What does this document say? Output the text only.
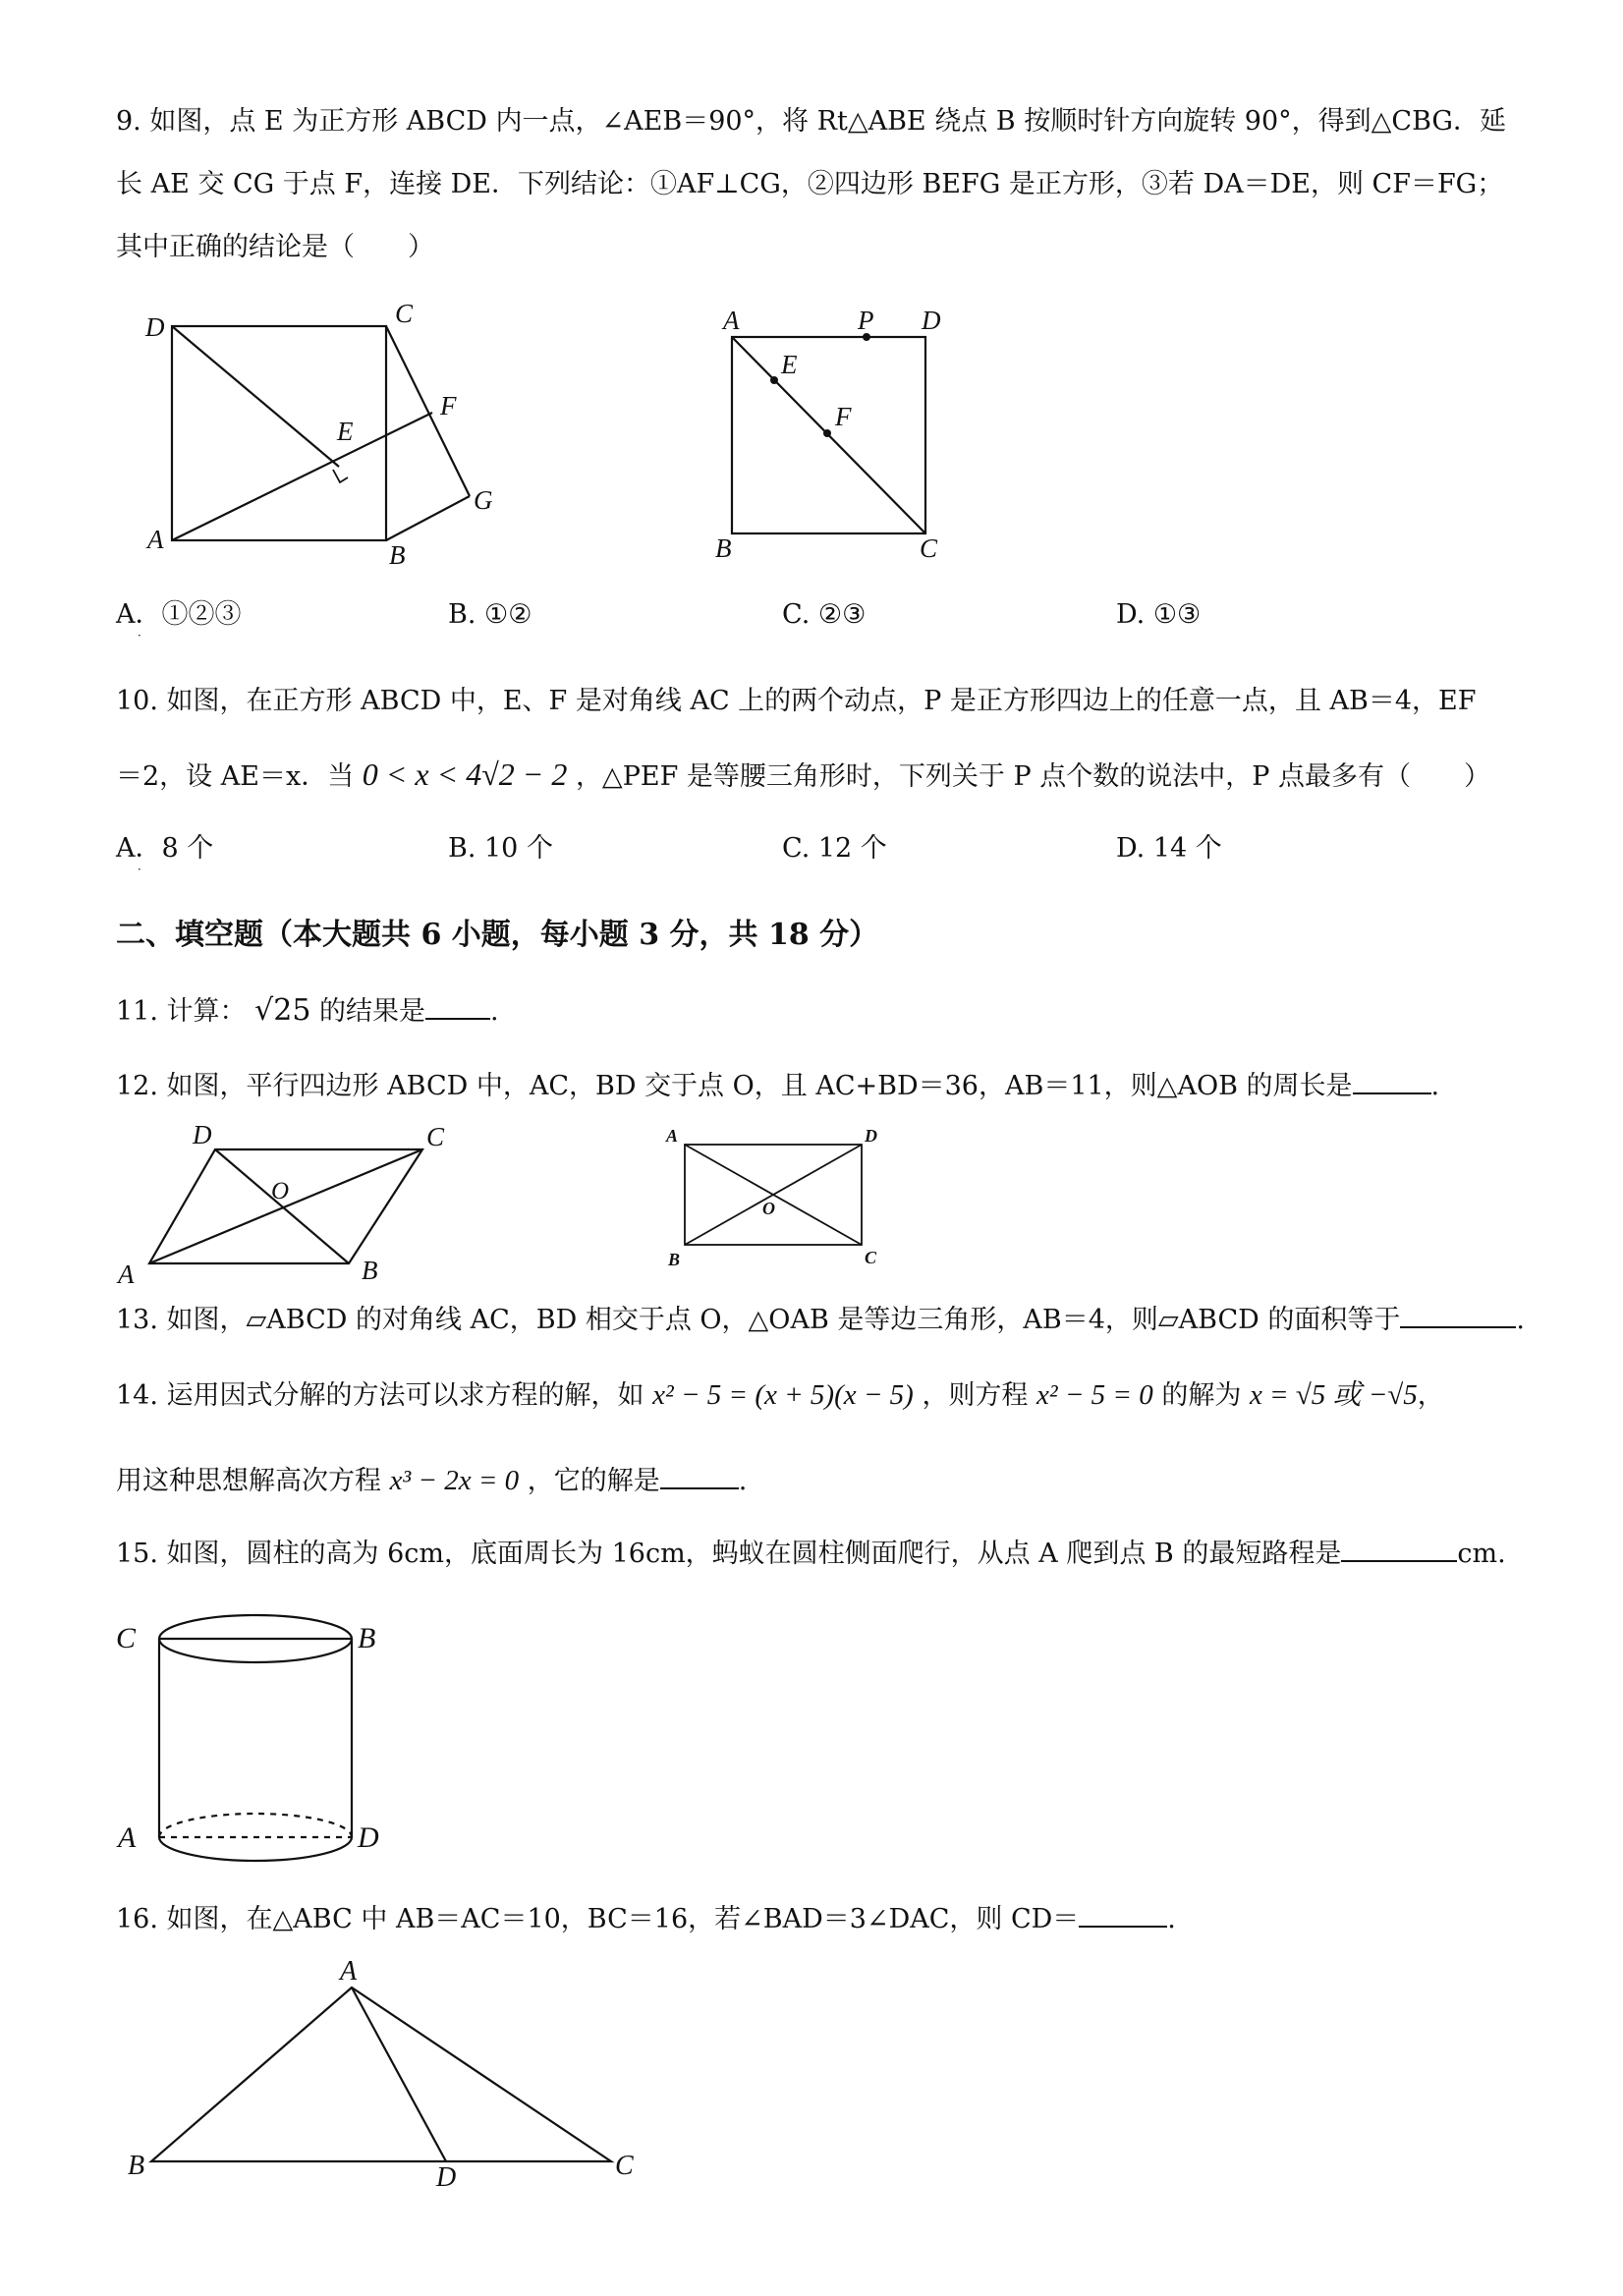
9. 如图，点 E 为正方形 ABCD 内一点，∠AEB＝90°，将 Rt△ABE 绕点 B 按顺时针方向旋转 90°，得到△CBG．延
长 AE 交 CG 于点 F，连接 DE．下列结论：①AF⊥CG，②四边形 BEFG 是正方形，③若 DA＝DE，则 CF＝FG；
其中正确的结论是（　　）
D	C
E
F
G
A
B
A	P D
E
F
B	C
A．①②③	B. ①②	C. ②③	D. ①③
·
10. 如图，在正方形 ABCD 中，E、F 是对角线 AC 上的两个动点，P 是正方形四边上的任意一点，且 AB＝4，EF
＝2，设 AE＝x．当 0 < x < 4√2 − 2 ，△PEF 是等腰三角形时，下列关于 P 点个数的说法中，P 点最多有（　　）
A．8 个	B. 10 个	C. 12 个	D. 14 个
·
二、填空题（本大题共 6 小题，每小题 3 分，共 18 分）
11. 计算： √25 的结果是 .
12. 如图，平行四边形 ABCD 中，AC，BD 交于点 O，且 AC+BD＝36，AB＝11，则△AOB 的周长是	.
D	C
O
A	B
A	D
O
B	C
13. 如图，▱ABCD 的对角线 AC，BD 相交于点 O，△OAB 是等边三角形，AB＝4，则▱ABCD 的面积等于	.
14. 运用因式分解的方法可以求方程的解，如 x² − 5 = (x + 5)(x − 5) ，则方程 x² − 5 = 0 的解为 x = √5 或 −√5，
用这种思想解高次方程 x³ − 2x = 0 ，它的解是	.
15. 如图，圆柱的高为 6cm，底面周长为 16cm，蚂蚁在圆柱侧面爬行，从点 A 爬到点 B 的最短路程是	cm.
C	B
A	D
16. 如图，在△ABC 中 AB＝AC＝10，BC＝16，若∠BAD＝3∠DAC，则 CD＝	.
A
B	D	C
